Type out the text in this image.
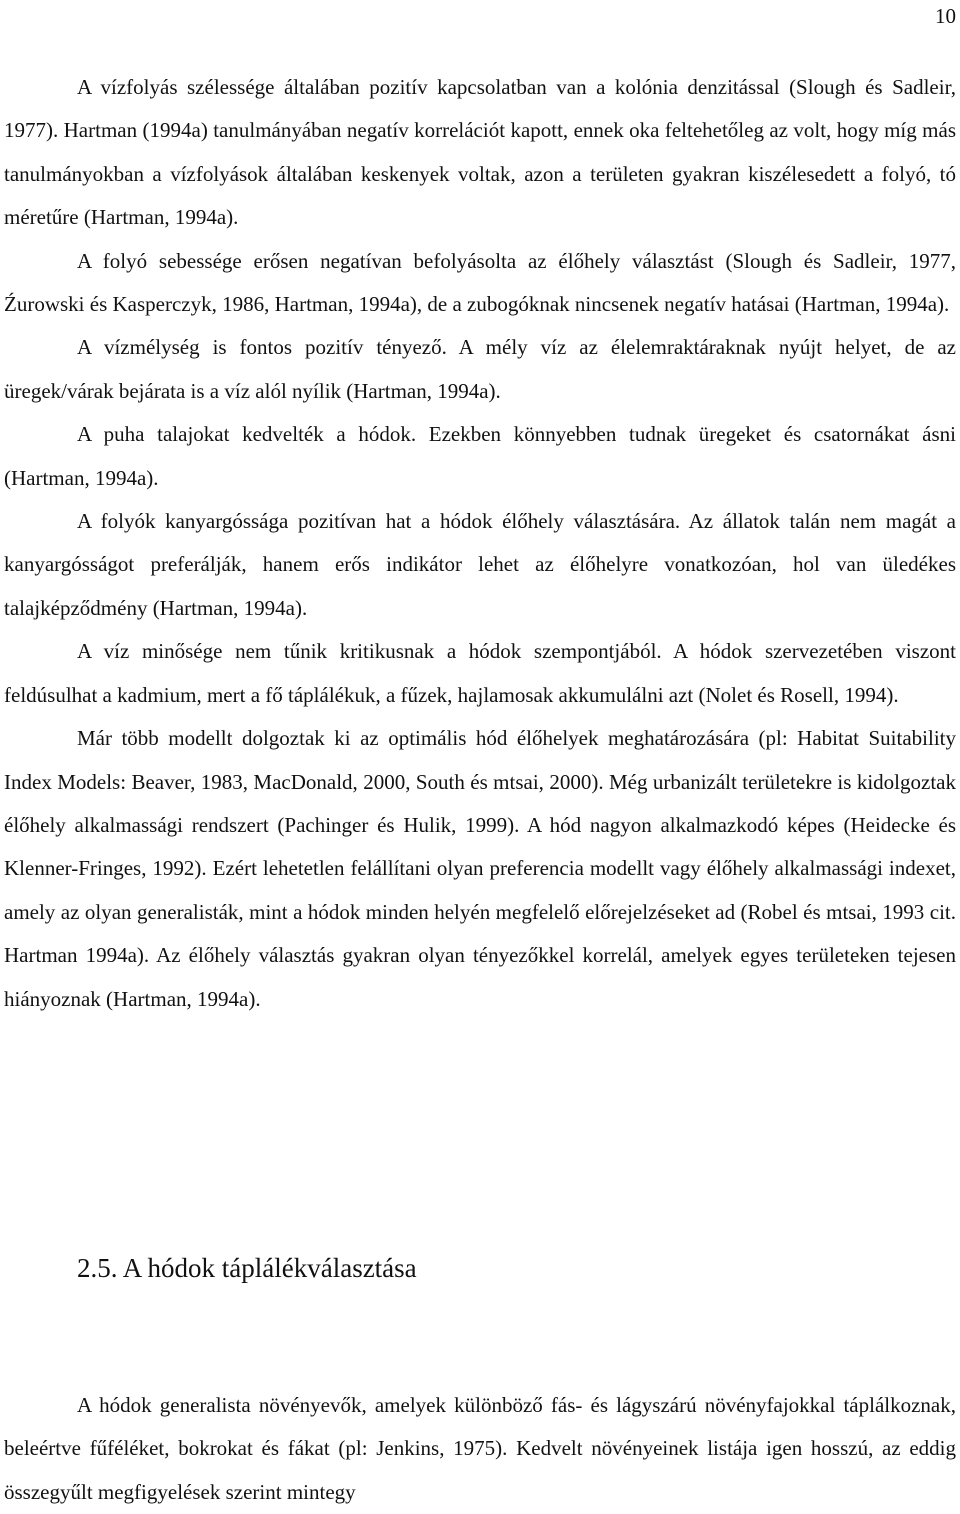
10

A vízfolyás szélessége általában pozitív kapcsolatban van a kolónia denzitással (Slough és Sadleir, 1977). Hartman (1994a) tanulmányában negatív korrelációt kapott, ennek oka feltehetőleg az volt, hogy míg más tanulmányokban a vízfolyások általában keskenyek voltak, azon a területen gyakran kiszélesedett a folyó, tó méretűre (Hartman, 1994a).

A folyó sebessége erősen negatívan befolyásolta az élőhely választást (Slough és Sadleir, 1977, Źurowski és Kasperczyk, 1986, Hartman, 1994a), de a zubogóknak nincsenek negatív hatásai (Hartman, 1994a).

A vízmélység is fontos pozitív tényező. A mély víz az élelemraktáraknak nyújt helyet, de az üregek/várak bejárata is a víz alól nyílik (Hartman, 1994a).

A puha talajokat kedvelték a hódok. Ezekben könnyebben tudnak üregeket és csatornákat ásni (Hartman, 1994a).

A folyók kanyargóssága pozitívan hat a hódok élőhely választására. Az állatok talán nem magát a kanyargósságot preferálják, hanem erős indikátor lehet az élőhelyre vonatkozóan, hol van üledékes talajképződmény (Hartman, 1994a).

A víz minősége nem tűnik kritikusnak a hódok szempontjából. A hódok szervezetében viszont feldúsulhat a kadmium, mert a fő táplálékuk, a fűzek, hajlamosak akkumulálni azt (Nolet és Rosell, 1994).

Már több modellt dolgoztak ki az optimális hód élőhelyek meghatározására (pl: Habitat Suitability Index Models: Beaver, 1983, MacDonald, 2000, South és mtsai, 2000). Még urbanizált területekre is kidolgoztak élőhely alkalmassági rendszert (Pachinger és Hulik, 1999). A hód nagyon alkalmazkodó képes (Heidecke és Klenner-Fringes, 1992). Ezért lehetetlen felállítani olyan preferencia modellt vagy élőhely alkalmassági indexet, amely az olyan generalisták, mint a hódok minden helyén megfelelő előrejelzéseket ad (Robel és mtsai, 1993 cit. Hartman 1994a). Az élőhely választás gyakran olyan tényezőkkel korrelál, amelyek egyes területeken tejesen hiányoznak (Hartman, 1994a).

2.5. A hódok táplálékválasztása

A hódok generalista növényevők, amelyek különböző fás- és lágyszárú növényfajokkal táplálkoznak, beleértve fűféléket, bokrokat és fákat (pl: Jenkins, 1975). Kedvelt növényeinek listája igen hosszú, az eddig összegyűlt megfigyelések szerint mintegy
